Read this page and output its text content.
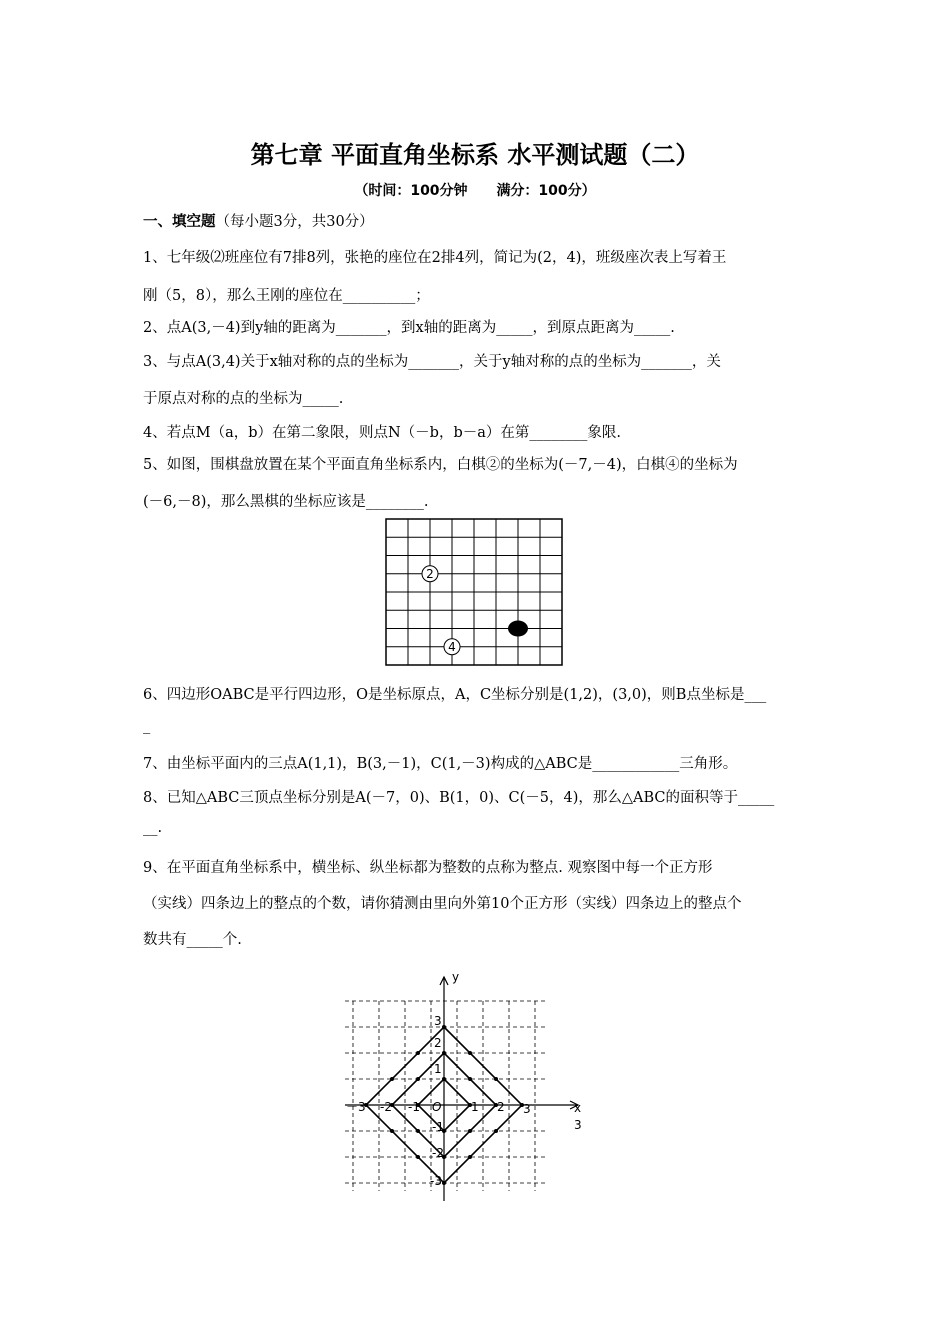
第七章 平面直角坐标系 水平测试题（二）
（时间：100分钟 满分：100分）
一、填空题（每小题3分，共30分）
1、七年级⑵班座位有7排8列，张艳的座位在2排4列，简记为(2，4)，班级座次表上写着王
刚（5，8），那么王刚的座位在__________；
2、点A(3,－4)到y轴的距离为_______，到x轴的距离为_____，到原点距离为_____.
3、与点A(3,4)关于x轴对称的点的坐标为_______，关于y轴对称的点的坐标为_______，关
于原点对称的点的坐标为_____.
4、若点M（a，b）在第二象限，则点N（－b，b－a）在第________象限.
5、如图，围棋盘放置在某个平面直角坐标系内，白棋②的坐标为(－7,－4)，白棋④的坐标为
(－6,－8)，那么黑棋的坐标应该是________.
2
4
6、四边形OABC是平行四边形，O是坐标原点，A，C坐标分别是(1,2)，(3,0)，则B点坐标是___
_
7、由坐标平面内的三点A(1,1)，B(3,－1)，C(1,－3)构成的△ABC是____________三角形。
8、已知△ABC三顶点坐标分别是A(－7，0)、B(1，0)、C(－5，4)，那么△ABC的面积等于_____
__.
9、在平面直角坐标系中，横坐标、纵坐标都为整数的点称为整点. 观察图中每一个正方形
（实线）四条边上的整点的个数，请你猜测由里向外第10个正方形（实线）四条边上的整点个
数共有_____个.
y
x
－3 -2 -1 O 1 2 3
3
2
1
-1
-2
-3
3
